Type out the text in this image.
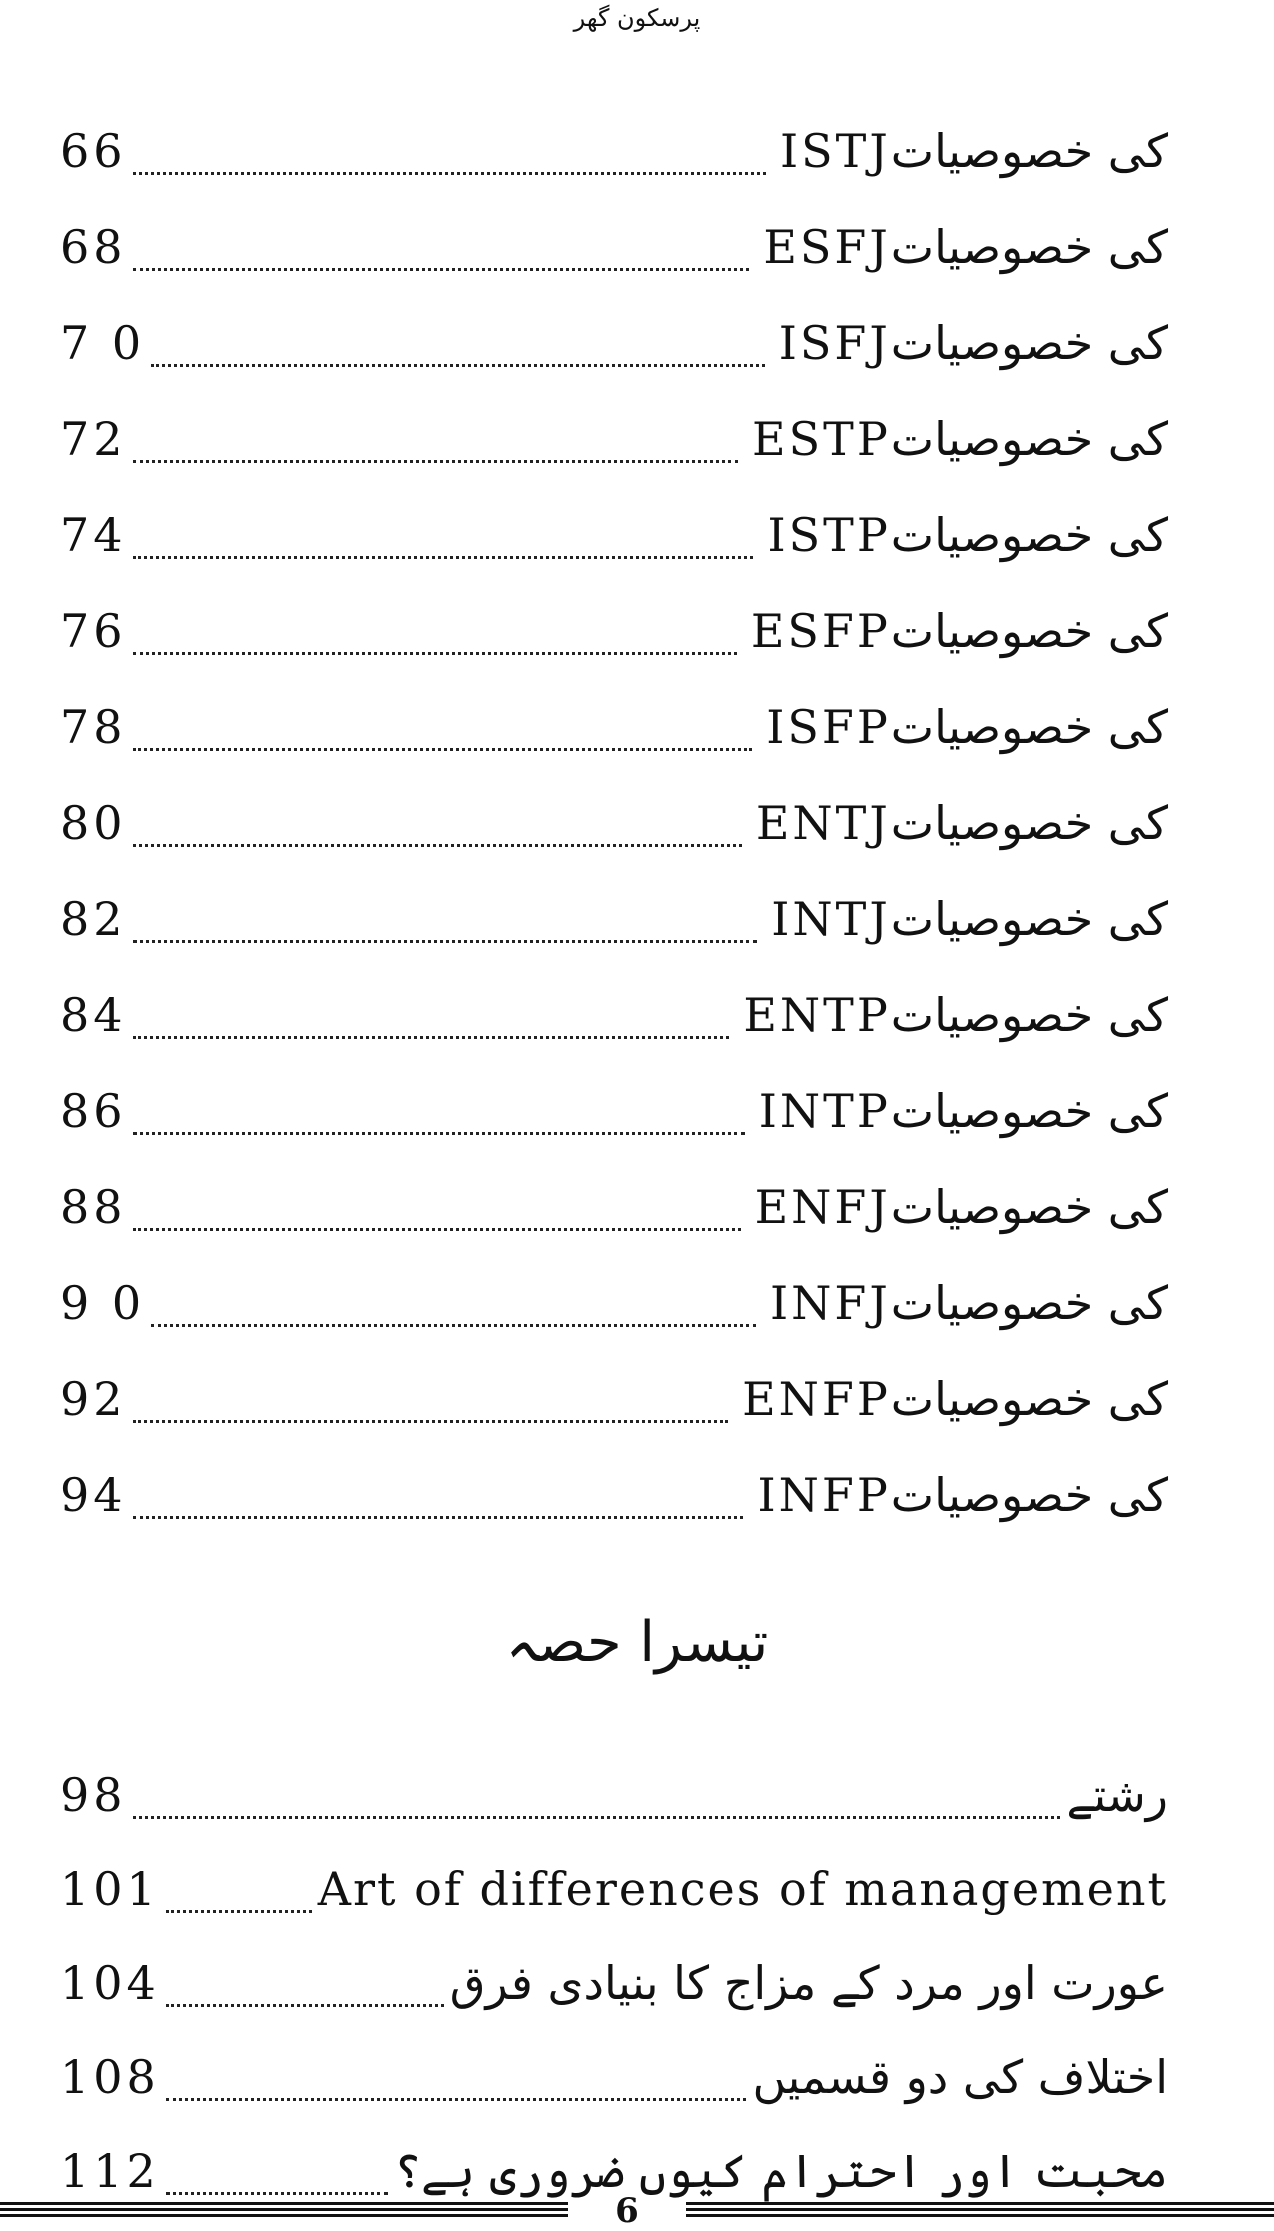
پرسکون گھر
ISTJکی خصوصیات
66
ESFJکی خصوصیات
68
ISFJکی خصوصیات
7 0
ESTPکی خصوصیات
72
ISTPکی خصوصیات
74
ESFPکی خصوصیات
76
ISFPکی خصوصیات
78
ENTJکی خصوصیات
80
INTJکی خصوصیات
82
ENTPکی خصوصیات
84
INTPکی خصوصیات
86
ENFJکی خصوصیات
88
INFJکی خصوصیات
9 0
ENFPکی خصوصیات
92
INFPکی خصوصیات
94
تیسرا حصہ
رشتے
98
Art of differences of management
101
عورت اور مرد کے مزاج کا بنیادی فرق
104
اختلاف کی دو قسمیں
108
محبت اور احترام کیوں ضروری ہے؟
112
6
